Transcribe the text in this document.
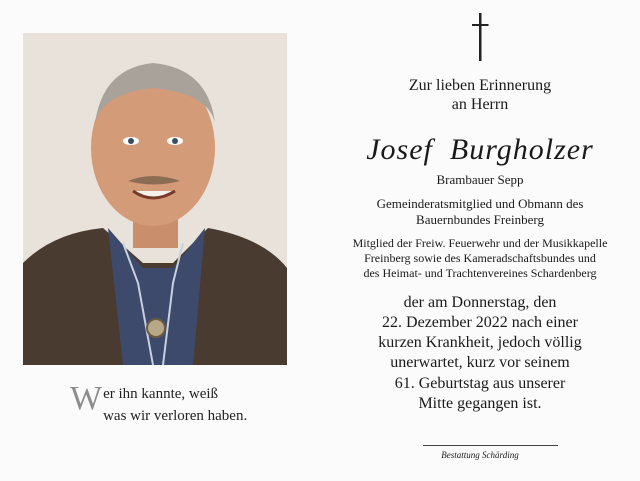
W er ihn kannte, weiß
was wir verloren haben.
Zur lieben Erinnerung
an Herrn
Josef  Burgholzer
Brambauer Sepp
Gemeinderatsmitglied und Obmann des
Bauernbundes Freinberg
Mitglied der Freiw. Feuerwehr und der Musikkapelle
Freinberg sowie des Kameradschaftsbundes und
des Heimat- und Trachtenvereines Schardenberg
der am Donnerstag, den
22. Dezember 2022 nach einer
kurzen Krankheit, jedoch völlig
unerwartet, kurz vor seinem
61. Geburtstag aus unserer
Mitte gegangen ist.
Bestattung Schärding
